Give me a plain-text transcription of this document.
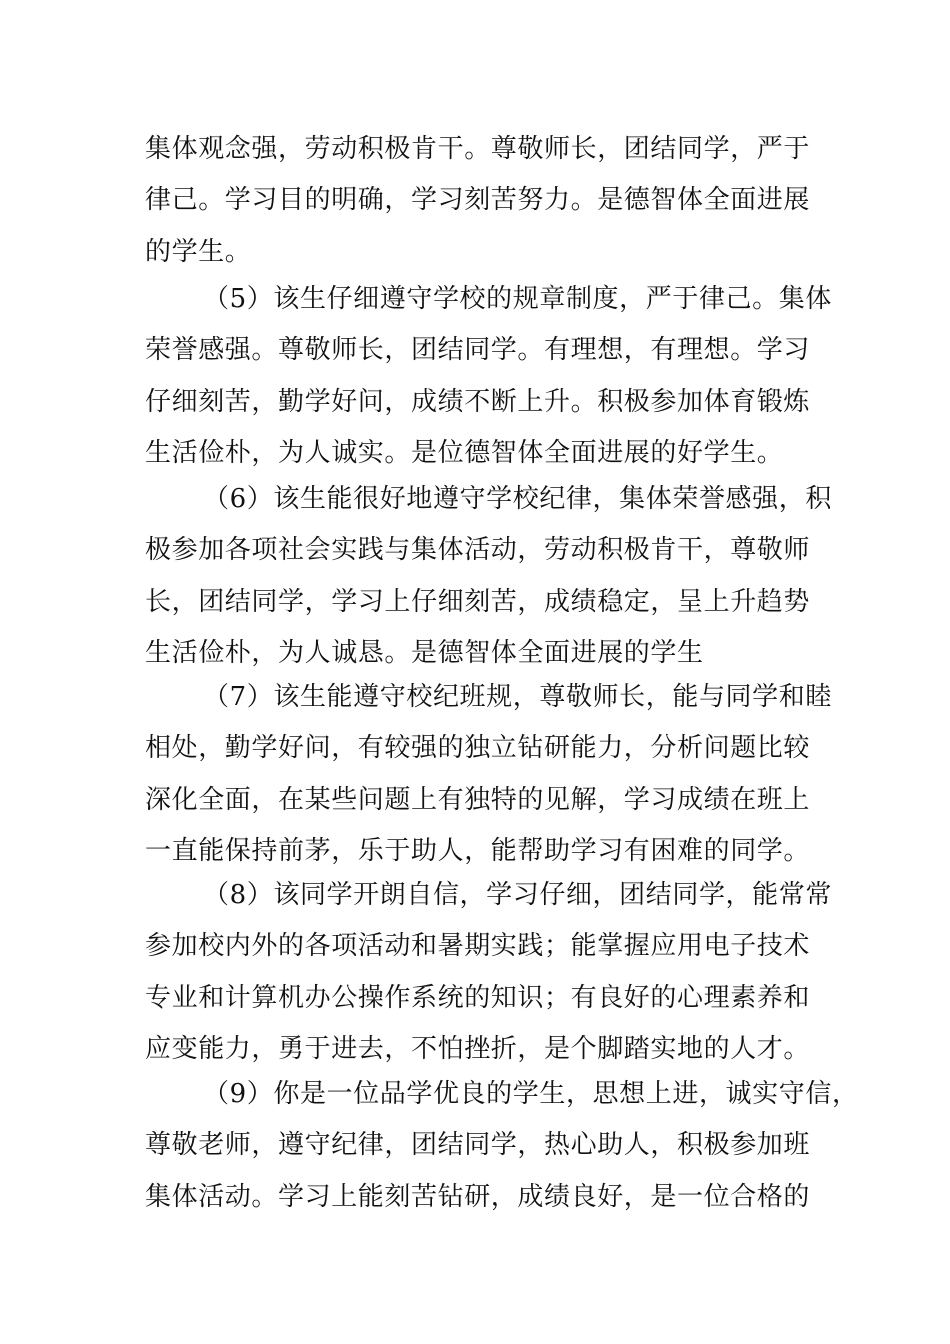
集体观念强，劳动积极肯干。尊敬师长，团结同学，严于
律己。学习目的明确，学习刻苦努力。是德智体全面进展
的学生。
（5）该生仔细遵守学校的规章制度，严于律己。集体
荣誉感强。尊敬师长，团结同学。有理想，有理想。学习
仔细刻苦，勤学好问，成绩不断上升。积极参加体育锻炼
生活俭朴，为人诚实。是位德智体全面进展的好学生。
（6）该生能很好地遵守学校纪律，集体荣誉感强，积
极参加各项社会实践与集体活动，劳动积极肯干，尊敬师
长，团结同学，学习上仔细刻苦，成绩稳定，呈上升趋势
生活俭朴，为人诚恳。是德智体全面进展的学生
（7）该生能遵守校纪班规，尊敬师长，能与同学和睦
相处，勤学好问，有较强的独立钻研能力，分析问题比较
深化全面，在某些问题上有独特的见解，学习成绩在班上
一直能保持前茅，乐于助人，能帮助学习有困难的同学。
（8）该同学开朗自信，学习仔细，团结同学，能常常
参加校内外的各项活动和暑期实践；能掌握应用电子技术
专业和计算机办公操作系统的知识；有良好的心理素养和
应变能力，勇于进去，不怕挫折，是个脚踏实地的人才。
（9）你是一位品学优良的学生，思想上进，诚实守信，
尊敬老师，遵守纪律，团结同学，热心助人，积极参加班
集体活动。学习上能刻苦钻研，成绩良好，是一位合格的
